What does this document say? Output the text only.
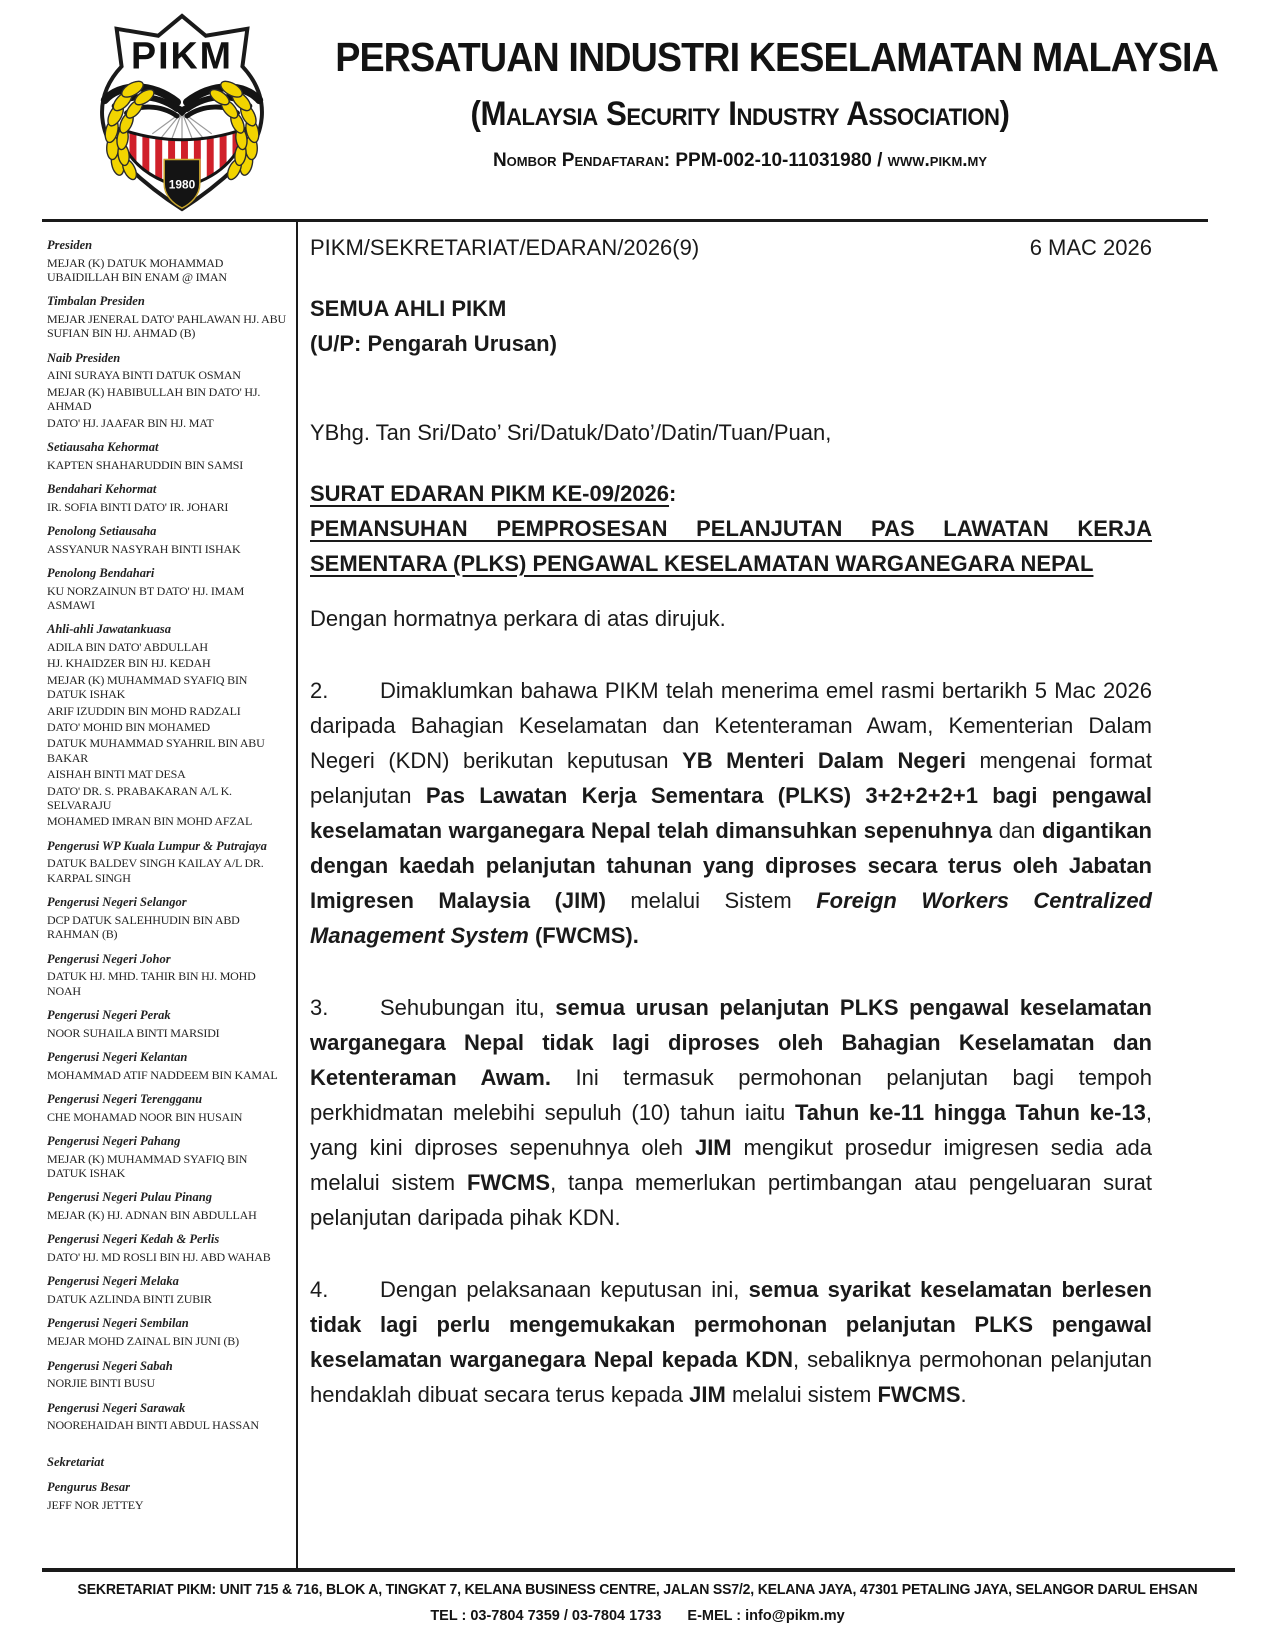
PIKM
1980
PERSATUAN INDUSTRI KESELAMATAN MALAYSIA
(Malaysia Security Industry Association)
Nombor Pendaftaran: PPM-002-10-11031980 / www.pikm.my
Presiden
MEJAR (K) DATUK MOHAMMAD UBAIDILLAH BIN ENAM @ IMAN
Timbalan Presiden
MEJAR JENERAL DATO' PAHLAWAN HJ. ABU SUFIAN BIN HJ. AHMAD (B)
Naib Presiden
AINI SURAYA BINTI DATUK OSMAN
MEJAR (K) HABIBULLAH BIN DATO' HJ. AHMAD
DATO' HJ. JAAFAR BIN HJ. MAT
Setiausaha Kehormat
KAPTEN SHAHARUDDIN BIN SAMSI
Bendahari Kehormat
IR. SOFIA BINTI DATO' IR. JOHARI
Penolong Setiausaha
ASSYANUR NASYRAH BINTI ISHAK
Penolong Bendahari
KU NORZAINUN BT DATO' HJ. IMAM ASMAWI
Ahli-ahli Jawatankuasa
ADILA BIN DATO' ABDULLAH
HJ. KHAIDZER BIN HJ. KEDAH
MEJAR (K) MUHAMMAD SYAFIQ BIN DATUK ISHAK
ARIF IZUDDIN BIN MOHD RADZALI
DATO' MOHID BIN MOHAMED
DATUK MUHAMMAD SYAHRIL BIN ABU BAKAR
AISHAH BINTI MAT DESA
DATO' DR. S. PRABAKARAN A/L K. SELVARAJU
MOHAMED IMRAN BIN MOHD AFZAL
Pengerusi WP Kuala Lumpur & Putrajaya
DATUK BALDEV SINGH KAILAY A/L DR. KARPAL SINGH
Pengerusi Negeri Selangor
DCP DATUK SALEHHUDIN BIN ABD RAHMAN (B)
Pengerusi Negeri Johor
DATUK HJ. MHD. TAHIR BIN HJ. MOHD NOAH
Pengerusi Negeri Perak
NOOR SUHAILA BINTI MARSIDI
Pengerusi Negeri Kelantan
MOHAMMAD ATIF NADDEEM BIN KAMAL
Pengerusi Negeri Terengganu
CHE MOHAMAD NOOR BIN HUSAIN
Pengerusi Negeri Pahang
MEJAR (K) MUHAMMAD SYAFIQ BIN DATUK ISHAK
Pengerusi Negeri Pulau Pinang
MEJAR (K) HJ. ADNAN BIN ABDULLAH
Pengerusi Negeri Kedah & Perlis
DATO' HJ. MD ROSLI BIN HJ. ABD WAHAB
Pengerusi Negeri Melaka
DATUK AZLINDA BINTI ZUBIR
Pengerusi Negeri Sembilan
MEJAR MOHD ZAINAL BIN JUNI (B)
Pengerusi Negeri Sabah
NORJIE BINTI BUSU
Pengerusi Negeri Sarawak
NOOREHAIDAH BINTI ABDUL HASSAN
Sekretariat
Pengurus Besar
JEFF NOR JETTEY
PIKM/SEKRETARIAT/EDARAN/2026(9)	6 MAC 2026
SEMUA AHLI PIKM
(U/P: Pengarah Urusan)

YBhg. Tan Sri/Dato’ Sri/Datuk/Dato’/Datin/Tuan/Puan,

SURAT EDARAN PIKM KE-09/2026:
PEMANSUHAN PEMPROSESAN PELANJUTAN PAS LAWATAN KERJA SEMENTARA (PLKS) PENGAWAL KESELAMATAN WARGANEGARA NEPAL

Dengan hormatnya perkara di atas dirujuk.

2. Dimaklumkan bahawa PIKM telah menerima emel rasmi bertarikh 5 Mac 2026 daripada Bahagian Keselamatan dan Ketenteraman Awam, Kementerian Dalam Negeri (KDN) berikutan keputusan YB Menteri Dalam Negeri mengenai format pelanjutan Pas Lawatan Kerja Sementara (PLKS) 3+2+2+2+1 bagi pengawal keselamatan warganegara Nepal telah dimansuhkan sepenuhnya dan digantikan dengan kaedah pelanjutan tahunan yang diproses secara terus oleh Jabatan Imigresen Malaysia (JIM) melalui Sistem Foreign Workers Centralized Management System (FWCMS).

3. Sehubungan itu, semua urusan pelanjutan PLKS pengawal keselamatan warganegara Nepal tidak lagi diproses oleh Bahagian Keselamatan dan Ketenteraman Awam. Ini termasuk permohonan pelanjutan bagi tempoh perkhidmatan melebihi sepuluh (10) tahun iaitu Tahun ke-11 hingga Tahun ke-13, yang kini diproses sepenuhnya oleh JIM mengikut prosedur imigresen sedia ada melalui sistem FWCMS, tanpa memerlukan pertimbangan atau pengeluaran surat pelanjutan daripada pihak KDN.

4. Dengan pelaksanaan keputusan ini, semua syarikat keselamatan berlesen tidak lagi perlu mengemukakan permohonan pelanjutan PLKS pengawal keselamatan warganegara Nepal kepada KDN, sebaliknya permohonan pelanjutan hendaklah dibuat secara terus kepada JIM melalui sistem FWCMS.

SEKRETARIAT PIKM: UNIT 715 & 716, BLOK A, TINGKAT 7, KELANA BUSINESS CENTRE, JALAN SS7/2, KELANA JAYA, 47301 PETALING JAYA, SELANGOR DARUL EHSAN
TEL : 03-7804 7359 / 03-7804 1733 E-MEL : info@pikm.my
